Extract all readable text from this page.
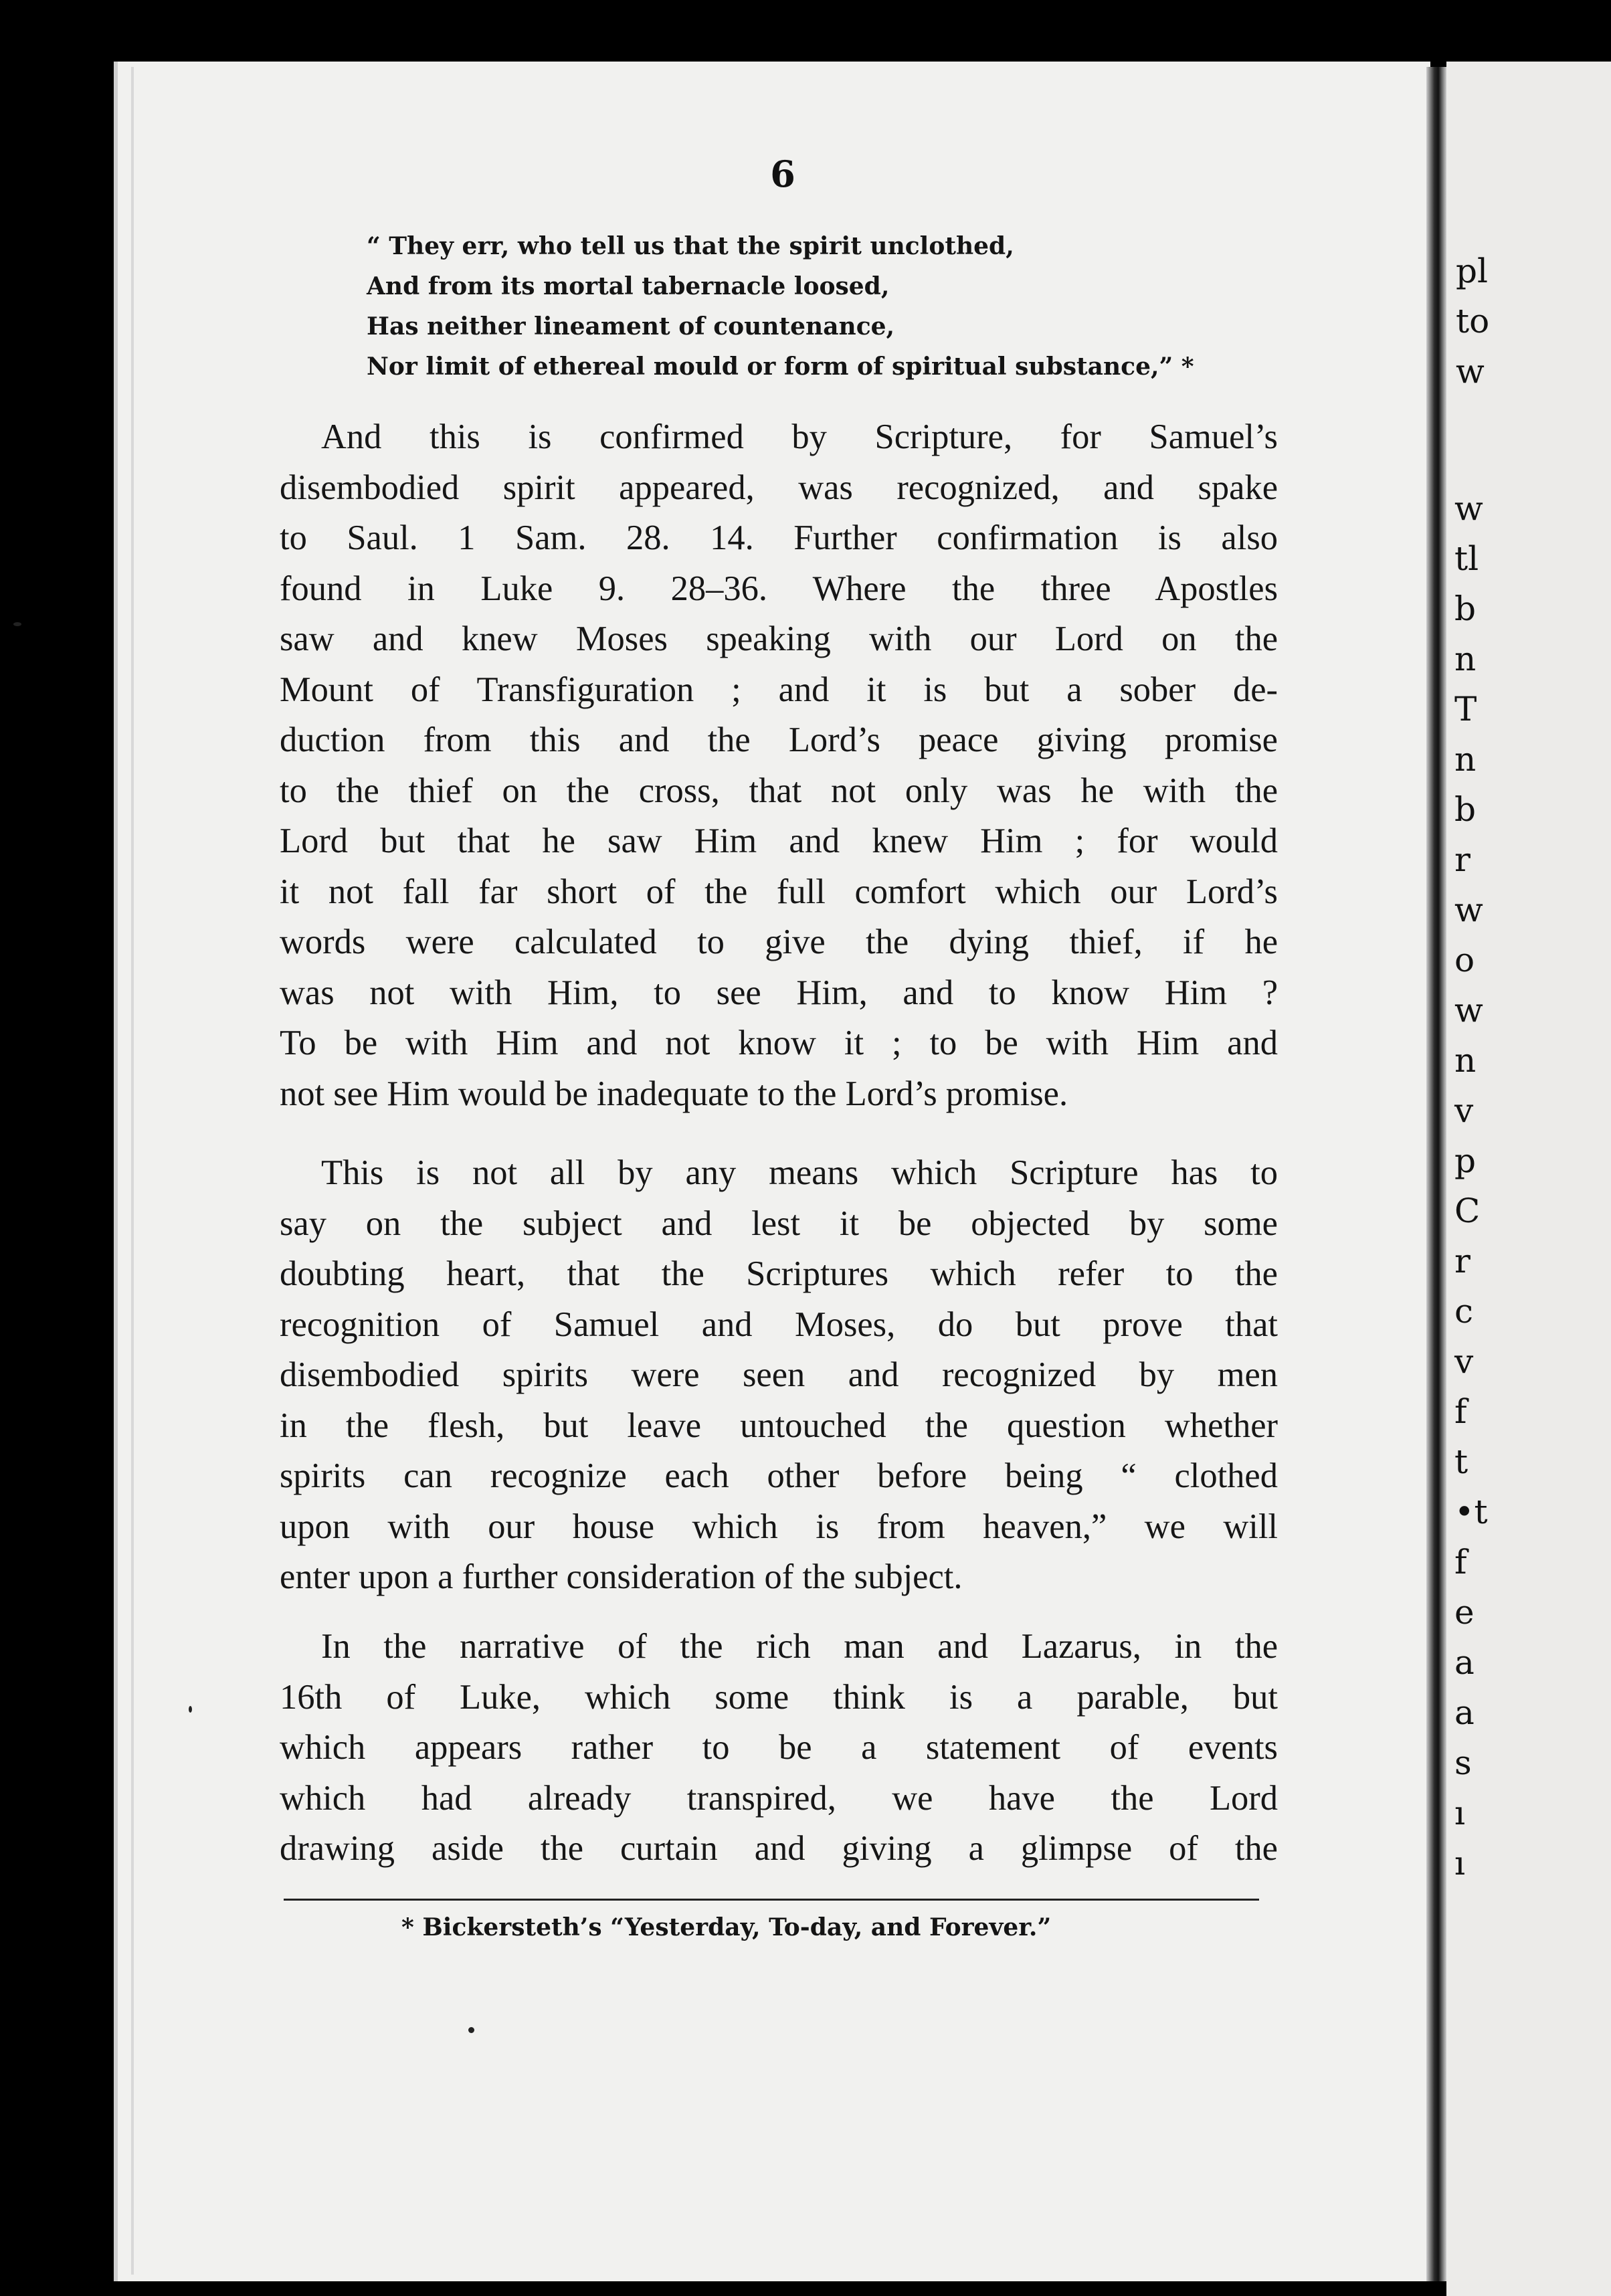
6
“ They err, who tell us that the spirit unclothed,
And from its mortal tabernacle loosed,
Has neither lineament of countenance,
Nor limit of ethereal mould or form of spiritual substance,” *
And this is confirmed by Scripture, for Samuel’s
disembodied spirit appeared, was recognized, and spake
to Saul. 1 Sam. 28. 14. Further confirmation is also
found in Luke 9. 28–36. Where the three Apostles
saw and knew Moses speaking with our Lord on the
Mount of Transfiguration ; and it is but a sober de-
duction from this and the Lord’s peace giving promise
to the thief on the cross, that not only was he with the
Lord but that he saw Him and knew Him ; for would
it not fall far short of the full comfort which our Lord’s
words were calculated to give the dying thief, if he
was not with Him, to see Him, and to know Him ?
To be with Him and not know it ; to be with Him and
not see Him would be inadequate to the Lord’s promise.
This is not all by any means which Scripture has to
say on the subject and lest it be objected by some
doubting heart, that the Scriptures which refer to the
recognition of Samuel and Moses, do but prove that
disembodied spirits were seen and recognized by men
in the flesh, but leave untouched the question whether
spirits can recognize each other before being “ clothed
upon with our house which is from heaven,” we will
enter upon a further consideration of the subject.
In the narrative of the rich man and Lazarus, in the
16th of Luke, which some think is a parable, but
which appears rather to be a statement of events
which had already transpired, we have the Lord
drawing aside the curtain and giving a glimpse of the
* Bickersteth’s “Yesterday, To-day, and Forever.”
pl
to
w
w
tl
b
n
T
n
b
r
w
o
w
n
v
p
C
r
c
v
f
t
•t
f
e
a
a
s
ı
ı
